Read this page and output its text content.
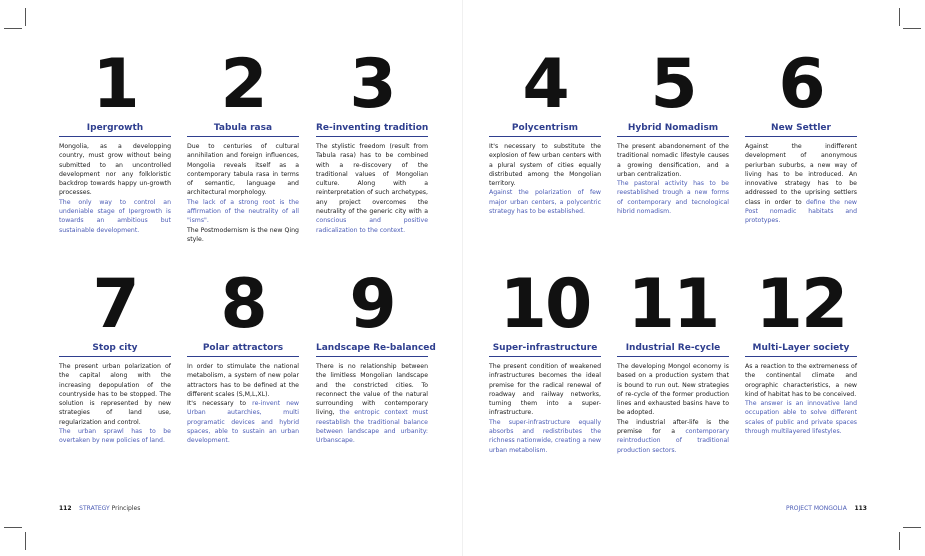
1
Ipergrowth

Mongolia, as a developping country, must grow without being submitted to an uncontrolled development nor any folkloristic backdrop towards happy un-growth processes.

The only way to control an undeniable stage of Ipergrowth is towards an ambitious but sustainable development.

2
Tabula rasa

Due to centuries of cultural annihilation and foreign influences, Mongolia reveals itself as a contemporary tabula rasa in terms of semantic, language and architectural morphology.

The lack of a strong root is the affirmation of the neutrality of all "isms".

The Postmodernism is the new Qing style.

3
Re-inventing tradition

The stylistic freedom (result from Tabula rasa) has to be combined with a re-discovery of the traditional values of Mongolian culture. Along with a reinterpretation of such archetypes, any project overcomes the neutrality of the generic city with a conscious and positive radicalization to the context.

4
Polycentrism

It's necessary to substitute the explosion of few urban centers with a plural system of cities equally distributed among the Mongolian territory.

Against the polarization of few major urban centers, a polycentric strategy has to be established.

5
Hybrid Nomadism

The present abandonement of the traditional nomadic lifestyle causes a growing densification, and a urban centralization.

The pastoral activity has to be reestablished trough a new forms of contemporary and tecnological hibrid nomadism.

6
New Settler

Against the indifferent development of anonymous periurban suburbs, a new way of living has to be introduced. An innovative strategy has to be addressed to the uprising settlers class in order to define the new Post nomadic habitats and prototypes.

7
Stop city

The present urban polarization of the capital along with the increasing depopulation of the countryside has to be stopped. The solution is represented by new strategies of land use, regularization and control.

The urban sprawl has to be overtaken by new policies of land.

8
Polar attractors

In order to stimulate the national metabolism, a system of new polar attractors has to be defined at the different scales (S,M,L,XL).

It's necessary to re-invent new Urban autarchies, multi programatic devices and hybrid spaces, able to sustain an urban development.

9
Landscape Re-balanced

There is no relationship between the limitless Mongolian landscape and the constricted cities. To reconnect the value of the natural surrounding with contemporary living, the entropic context must reestablish the traditional balance between landscape and urbanity: Urbanscape.

10
Super-infrastructure

The present condition of weakened infrastructures becomes the ideal premise for the radical renewal of roadway and railway networks, turning them into a super-infrastructure.

The super-infrastructure equally absorbs and redistributes the richness nationwide, creating a new urban metabolism.

11
Industrial Re-cycle

The developing Mongol economy is based on a production system that is bound to run out. New strategies of re-cycle of the former production lines and exhausted basins have to be adopted.

The industrial after-life is the premise for a contemporary reintroduction of traditional production sectors.

12
Multi-Layer society

As a reaction to the extremeness of the continental climate and orographic characteristics, a new kind of habitat has to be conceived.

The answer is an innovative land occupation able to solve different scales of public and private spaces through multilayered lifestyles.

112 STRATEGY Principles	PROJECT MONGOLIA 113
